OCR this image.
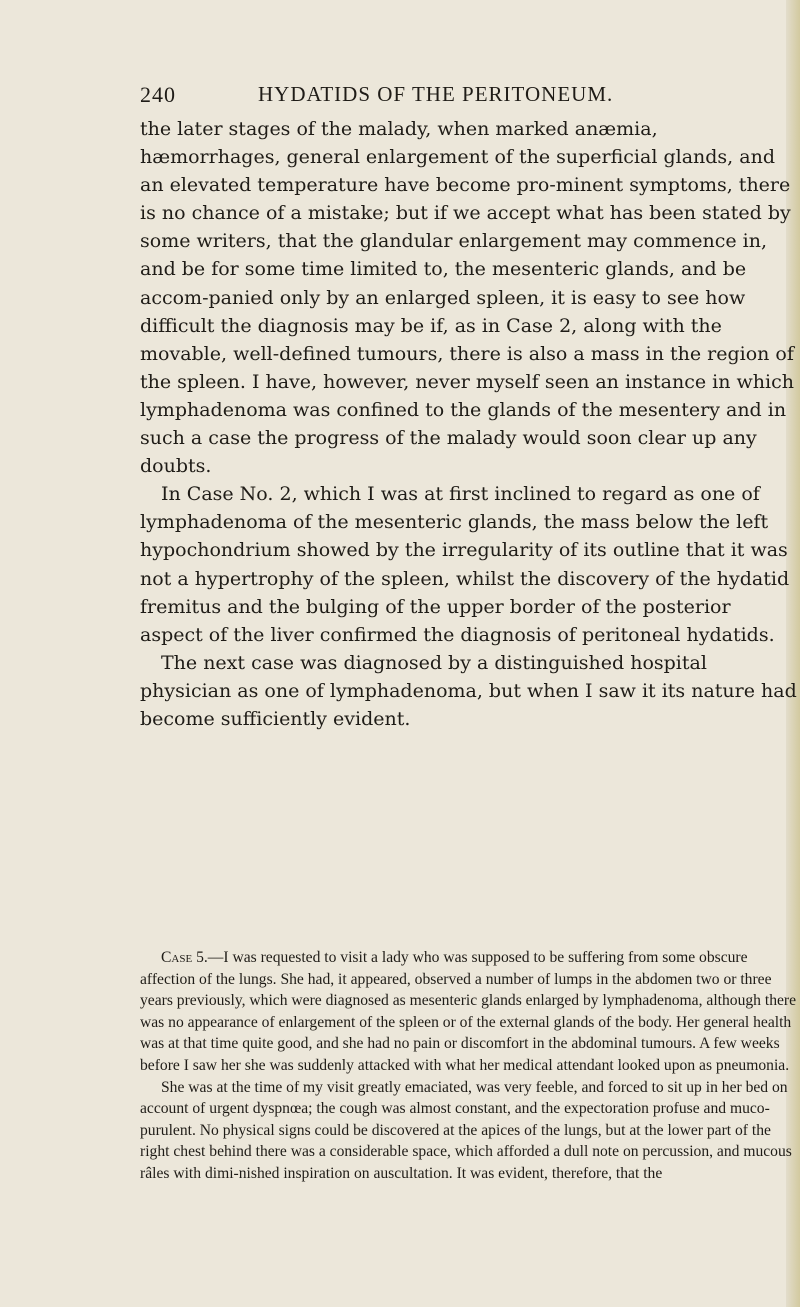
240	HYDATIDS OF THE PERITONEUM.

the later stages of the malady, when marked anæmia, hæmorrhages, general enlargement of the superficial glands, and an elevated temperature have become pro-minent symptoms, there is no chance of a mistake; but if we accept what has been stated by some writers, that the glandular enlargement may commence in, and be for some time limited to, the mesenteric glands, and be accom-panied only by an enlarged spleen, it is easy to see how difficult the diagnosis may be if, as in Case 2, along with the movable, well-defined tumours, there is also a mass in the region of the spleen. I have, however, never myself seen an instance in which lymphadenoma was confined to the glands of the mesentery and in such a case the progress of the malady would soon clear up any doubts.

In Case No. 2, which I was at first inclined to regard as one of lymphadenoma of the mesenteric glands, the mass below the left hypochondrium showed by the irregularity of its outline that it was not a hypertrophy of the spleen, whilst the discovery of the hydatid fremitus and the bulging of the upper border of the posterior aspect of the liver confirmed the diagnosis of peritoneal hydatids.

The next case was diagnosed by a distinguished hospital physician as one of lymphadenoma, but when I saw it its nature had become sufficiently evident.

Case 5.—I was requested to visit a lady who was supposed to be suffering from some obscure affection of the lungs. She had, it appeared, observed a number of lumps in the abdomen two or three years previously, which were diagnosed as mesenteric glands enlarged by lymphadenoma, although there was no appearance of enlargement of the spleen or of the external glands of the body. Her general health was at that time quite good, and she had no pain or discomfort in the abdominal tumours. A few weeks before I saw her she was suddenly attacked with what her medical attendant looked upon as pneumonia.

She was at the time of my visit greatly emaciated, was very feeble, and forced to sit up in her bed on account of urgent dyspnœa; the cough was almost constant, and the expectoration profuse and muco-purulent. No physical signs could be discovered at the apices of the lungs, but at the lower part of the right chest behind there was a considerable space, which afforded a dull note on percussion, and mucous râles with dimi-nished inspiration on auscultation. It was evident, therefore, that the
